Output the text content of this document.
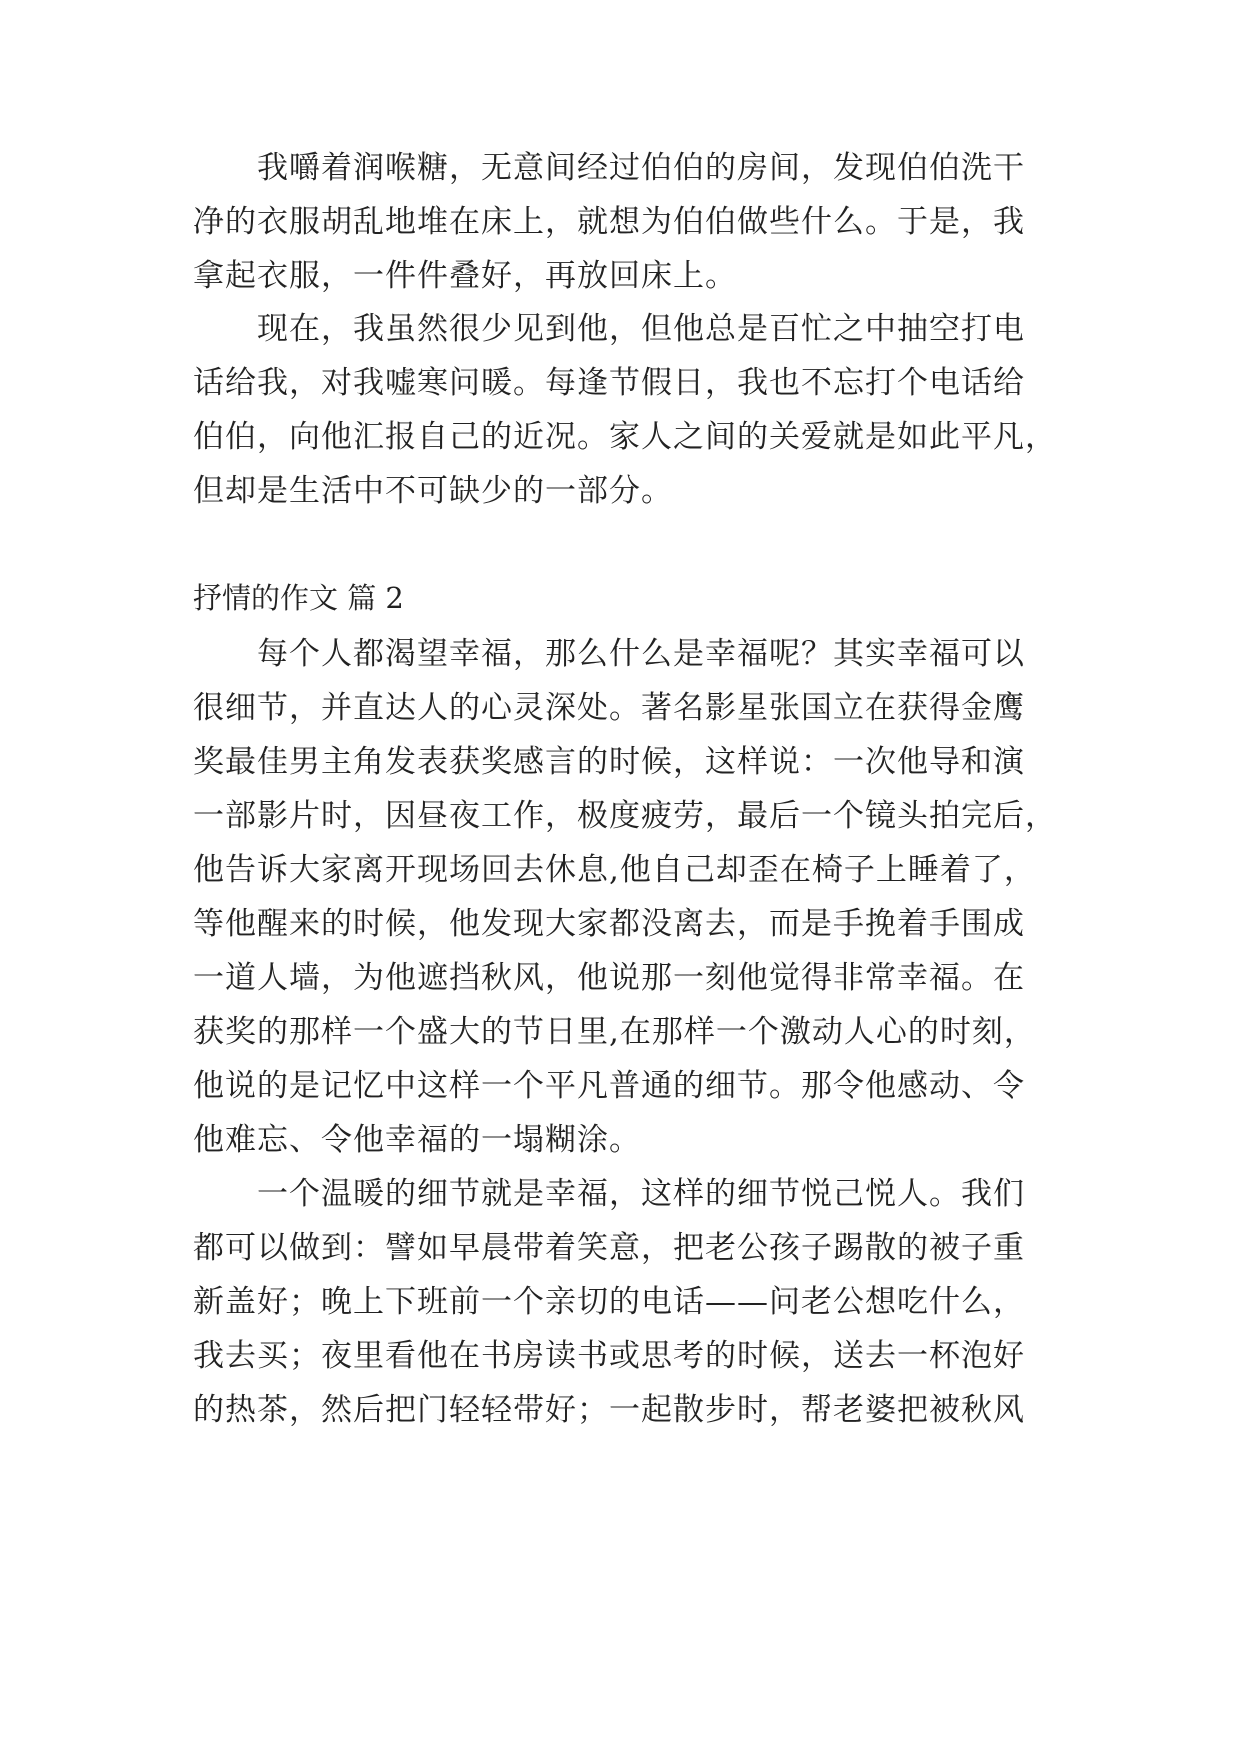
我嚼着润喉糖，无意间经过伯伯的房间，发现伯伯洗干
净的衣服胡乱地堆在床上，就想为伯伯做些什么。于是，我
拿起衣服，一件件叠好，再放回床上。
现在，我虽然很少见到他，但他总是百忙之中抽空打电
话给我，对我嘘寒问暖。每逢节假日，我也不忘打个电话给
伯伯，向他汇报自己的近况。家人之间的关爱就是如此平凡，
但却是生活中不可缺少的一部分。
抒情的作文 篇 2
每个人都渴望幸福，那么什么是幸福呢？其实幸福可以
很细节，并直达人的心灵深处。著名影星张国立在获得金鹰
奖最佳男主角发表获奖感言的时候，这样说：一次他导和演
一部影片时，因昼夜工作，极度疲劳，最后一个镜头拍完后，
他告诉大家离开现场回去休息,他自己却歪在椅子上睡着了，
等他醒来的时候，他发现大家都没离去，而是手挽着手围成
一道人墙，为他遮挡秋风，他说那一刻他觉得非常幸福。在
获奖的那样一个盛大的节日里,在那样一个激动人心的时刻，
他说的是记忆中这样一个平凡普通的细节。那令他感动、令
他难忘、令他幸福的一塌糊涂。
一个温暖的细节就是幸福，这样的细节悦己悦人。我们
都可以做到：譬如早晨带着笑意，把老公孩子踢散的被子重
新盖好；晚上下班前一个亲切的电话——问老公想吃什么，
我去买；夜里看他在书房读书或思考的时候，送去一杯泡好
的热茶，然后把门轻轻带好；一起散步时，帮老婆把被秋风
